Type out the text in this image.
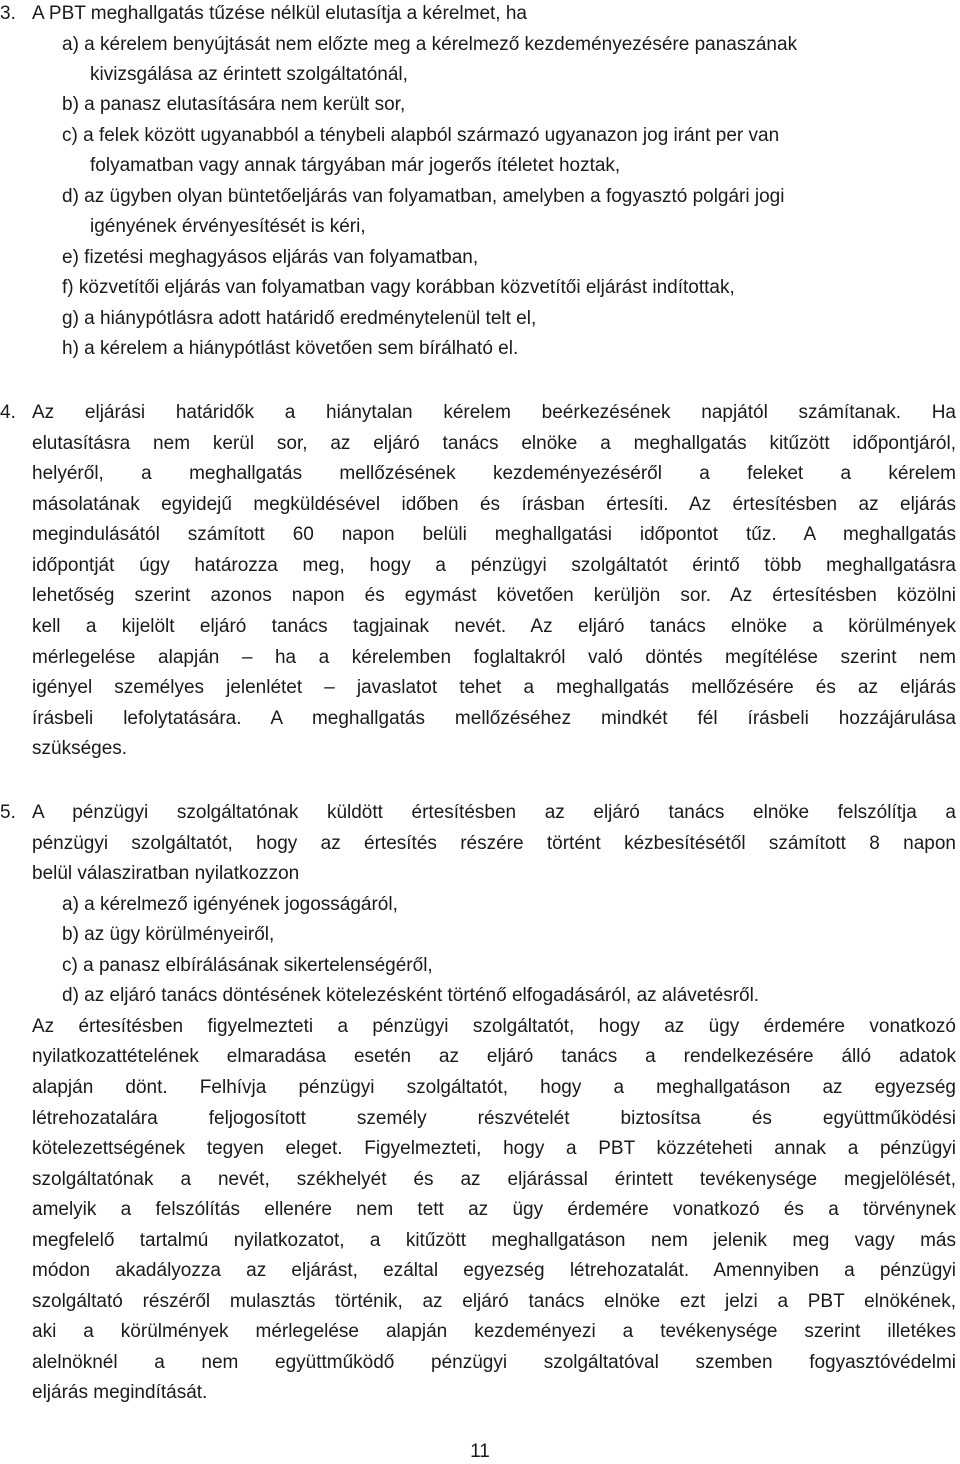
3. A PBT meghallgatás tűzése nélkül elutasítja a kérelmet, ha
a) a kérelem benyújtását nem előzte meg a kérelmező kezdeményezésére panaszának
kivizsgálása az érintett szolgáltatónál,
b) a panasz elutasítására nem került sor,
c) a felek között ugyanabból a ténybeli alapból származó ugyanazon jog iránt per van
folyamatban vagy annak tárgyában már jogerős ítéletet hoztak,
d) az ügyben olyan büntetőeljárás van folyamatban, amelyben a fogyasztó polgári jogi
igényének érvényesítését is kéri,
e) fizetési meghagyásos eljárás van folyamatban,
f) közvetítői eljárás van folyamatban vagy korábban közvetítői eljárást indítottak,
g) a hiánypótlásra adott határidő eredménytelenül telt el,
h) a kérelem a hiánypótlást követően sem bírálható el.
4. Az eljárási határidők a hiánytalan kérelem beérkezésének napjától számítanak. Ha
elutasításra nem kerül sor, az eljáró tanács elnöke a meghallgatás kitűzött időpontjáról,
helyéről, a meghallgatás mellőzésének kezdeményezéséről a feleket a kérelem
másolatának egyidejű megküldésével időben és írásban értesíti. Az értesítésben az eljárás
megindulásától számított 60 napon belüli meghallgatási időpontot tűz. A meghallgatás
időpontját úgy határozza meg, hogy a pénzügyi szolgáltatót érintő több meghallgatásra
lehetőség szerint azonos napon és egymást követően kerüljön sor. Az értesítésben közölni
kell a kijelölt eljáró tanács tagjainak nevét. Az eljáró tanács elnöke a körülmények
mérlegelése alapján – ha a kérelemben foglaltakról való döntés megítélése szerint nem
igényel személyes jelenlétet – javaslatot tehet a meghallgatás mellőzésére és az eljárás
írásbeli lefolytatására. A meghallgatás mellőzéséhez mindkét fél írásbeli hozzájárulása
szükséges.
5. A pénzügyi szolgáltatónak küldött értesítésben az eljáró tanács elnöke felszólítja a
pénzügyi szolgáltatót, hogy az értesítés részére történt kézbesítésétől számított 8 napon
belül válasziratban nyilatkozzon
a) a kérelmező igényének jogosságáról,
b) az ügy körülményeiről,
c) a panasz elbírálásának sikertelenségéről,
d) az eljáró tanács döntésének kötelezésként történő elfogadásáról, az alávetésről.
Az értesítésben figyelmezteti a pénzügyi szolgáltatót, hogy az ügy érdemére vonatkozó
nyilatkozattételének elmaradása esetén az eljáró tanács a rendelkezésére álló adatok
alapján dönt. Felhívja pénzügyi szolgáltatót, hogy a meghallgatáson az egyezség
létrehozatalára feljogosított személy részvételét biztosítsa és együttműködési
kötelezettségének tegyen eleget. Figyelmezteti, hogy a PBT közzéteheti annak a pénzügyi
szolgáltatónak a nevét, székhelyét és az eljárással érintett tevékenysége megjelölését,
amelyik a felszólítás ellenére nem tett az ügy érdemére vonatkozó és a törvénynek
megfelelő tartalmú nyilatkozatot, a kitűzött meghallgatáson nem jelenik meg vagy más
módon akadályozza az eljárást, ezáltal egyezség létrehozatalát. Amennyiben a pénzügyi
szolgáltató részéről mulasztás történik, az eljáró tanács elnöke ezt jelzi a PBT elnökének,
aki a körülmények mérlegelése alapján kezdeményezi a tevékenysége szerint illetékes
alelnöknél a nem együttműködő pénzügyi szolgáltatóval szemben fogyasztóvédelmi
eljárás megindítását.
11
